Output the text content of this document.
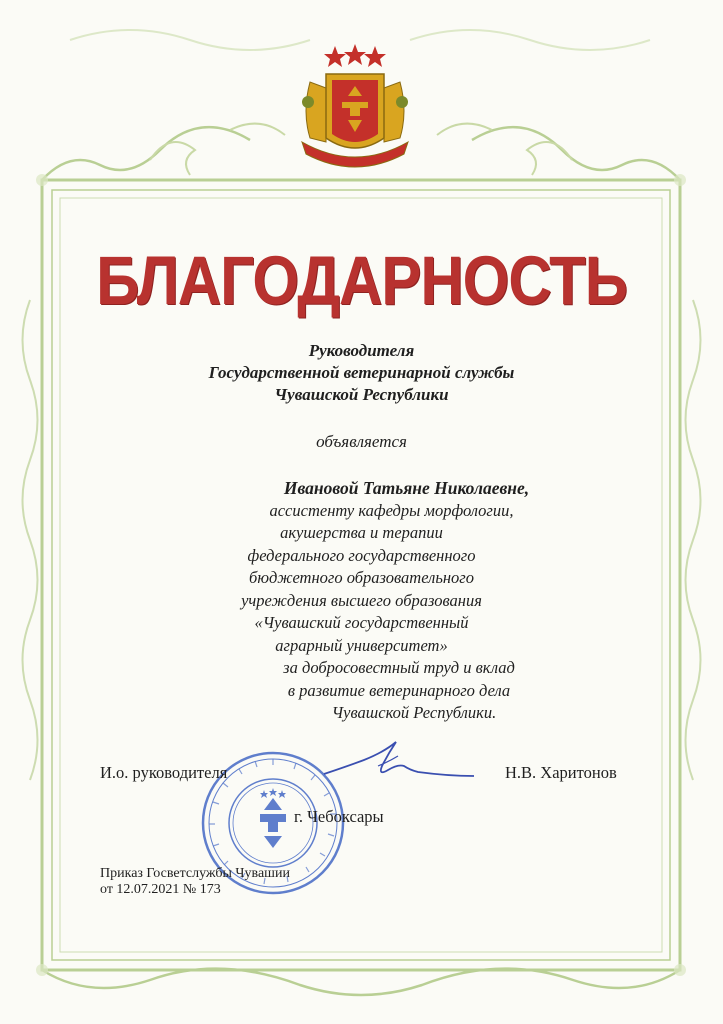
БЛАГОДАРНОСТЬ
Руководителя
Государственной ветеринарной службы
Чувашской Республики
объявляется
Ивановой Татьяне Николаевне,
ассистенту кафедры морфологии,
акушерства и терапии
федерального государственного
бюджетного образовательного
учреждения высшего образования
«Чувашский государственный
аграрный университет»
за добросовестный труд и вклад
в развитие ветеринарного дела
Чувашской Республики.
И.о. руководителя	Н.В. Харитонов
г. Чебоксары
Приказ Госветслужбы Чувашии
от 12.07.2021 № 173
